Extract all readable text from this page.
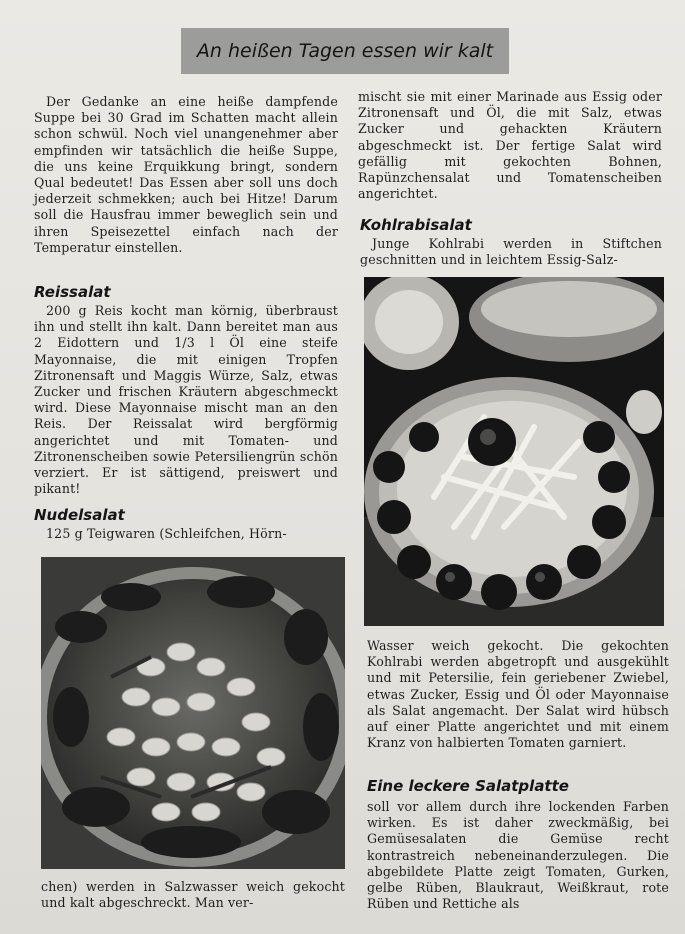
An heißen Tagen essen wir kalt

Der Gedanke an eine heiße dampfende Suppe bei 30 Grad im Schatten macht allein schon schwül. Noch viel unangenehmer aber empfinden wir tatsächlich die heiße Suppe, die uns keine Erquikkung bringt, sondern Qual bedeutet! Das Essen aber soll uns doch jederzeit schmekken; auch bei Hitze! Darum soll die Hausfrau immer beweglich sein und ihren Speisezettel einfach nach der Temperatur einstellen.

Reissalat

200 g Reis kocht man körnig, überbraust ihn und stellt ihn kalt. Dann bereitet man aus 2 Eidottern und 1/3 l Öl eine steife Mayonnaise, die mit einigen Tropfen Zitronensaft und Maggis Würze, Salz, etwas Zucker und frischen Kräutern abgeschmeckt wird. Diese Mayonnaise mischt man an den Reis. Der Reissalat wird bergförmig angerichtet und mit Tomaten- und Zitronenscheiben sowie Petersiliengrün schön verziert. Er ist sättigend, preiswert und pikant!

Nudelsalat

125 g Teigwaren (Schleifchen, Hörn-

chen) werden in Salzwasser weich gekocht und kalt abgeschreckt. Man ver-

mischt sie mit einer Marinade aus Essig oder Zitronensaft und Öl, die mit Salz, etwas Zucker und gehackten Kräutern abgeschmeckt ist. Der fertige Salat wird gefällig mit gekochten Bohnen, Rapünzchensalat und Tomatenscheiben angerichtet.

Kohlrabisalat

Junge Kohlrabi werden in Stiftchen geschnitten und in leichtem Essig-Salz-

Wasser weich gekocht. Die gekochten Kohlrabi werden abgetropft und ausgekühlt und mit Petersilie, fein geriebener Zwiebel, etwas Zucker, Essig und Öl oder Mayonnaise als Salat angemacht. Der Salat wird hübsch auf einer Platte angerichtet und mit einem Kranz von halbierten Tomaten garniert.

Eine leckere Salatplatte

soll vor allem durch ihre lockenden Farben wirken. Es ist daher zweckmäßig, bei Gemüsesalaten die Gemüse recht kontrastreich nebeneinanderzulegen. Die abgebildete Platte zeigt Tomaten, Gurken, gelbe Rüben, Blaukraut, Weißkraut, rote Rüben und Rettiche als
